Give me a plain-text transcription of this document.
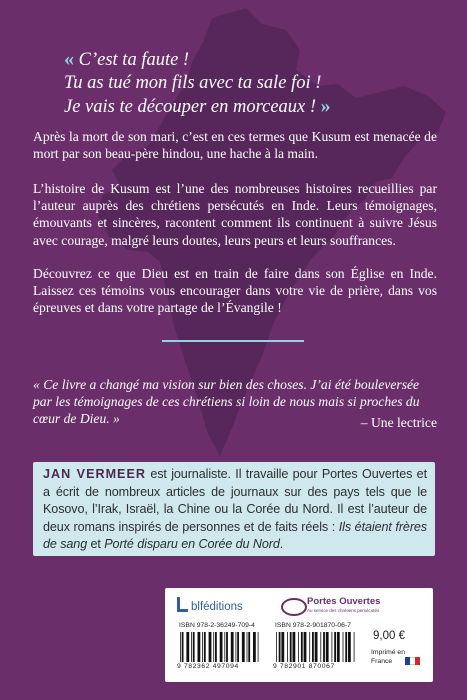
« C’est ta faute !
Tu as tué mon fils avec ta sale foi !
Je vais te découper en morceaux ! »

Après la mort de son mari, c’est en ces termes que Kusum est menacée de mort par son beau-père hindou, une hache à la main.

L’histoire de Kusum est l’une des nombreuses histoires recueillies par l’auteur auprès des chrétiens persécutés en Inde. Leurs témoignages, émouvants et sincères, racontent comment ils continuent à suivre Jésus avec courage, malgré leurs doutes, leurs peurs et leurs souffrances.

Découvrez ce que Dieu est en train de faire dans son Église en Inde. Laissez ces témoins vous encourager dans votre vie de prière, dans vos épreuves et dans votre partage de l’Évangile !

« Ce livre a changé ma vision sur bien des choses. J’ai été bouleversée par les témoignages de ces chrétiens si loin de nous mais si proches du cœur de Dieu. »	– Une lectrice

JAN VERMEER est journaliste. Il travaille pour Portes Ouvertes et a écrit de nombreux articles de journaux sur des pays tels que le Kosovo, l’Irak, Israël, la Chine ou la Corée du Nord. Il est l’auteur de deux romans inspirés de personnes et de faits réels : Ils étaient frères de sang et Porté disparu en Corée du Nord.

blféditions	Portes Ouvertes
Au service des chrétiens persécutés
ISBN 978-2-36249-709-4	ISBN 978-2-901870-06-7
9 782362 497094	9 782901 870067
9,00 €
Imprimé en France
